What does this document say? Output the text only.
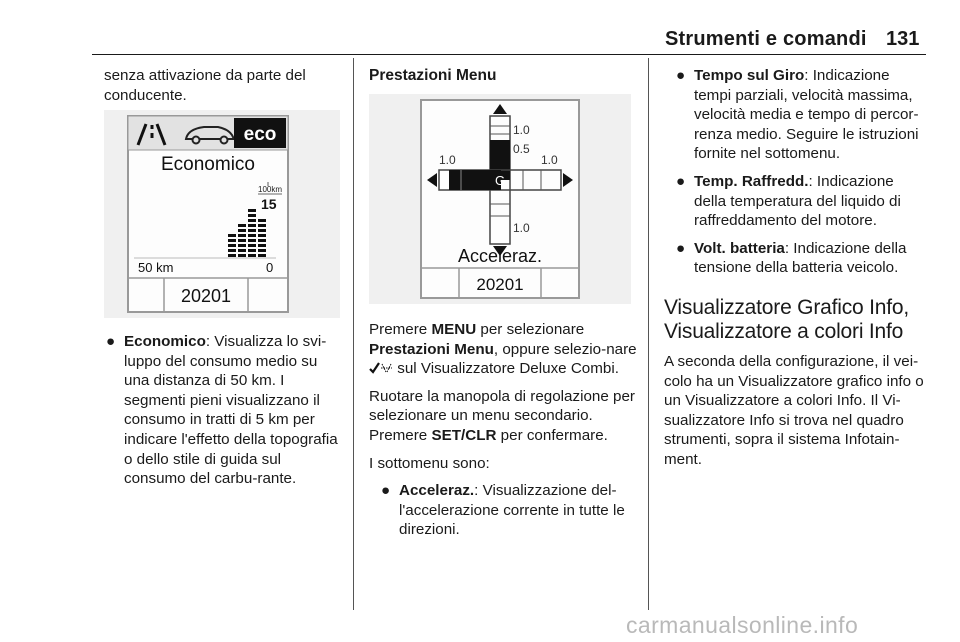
Strumenti e comandi 131

senza attivazione da parte del conducente.

eco
Economico
100km
15
50 km	0
20201
● Economico: Visualizza lo svi-luppo del consumo medio su una distanza di 50 km. I segmenti pieni visualizzano il consumo in tratti di 5 km per indicare l'effetto della topografia o dello stile di guida sul consumo del carbu-rante.
Prestazioni Menu
G
1.0
0.5
1.0	1.0
1.0
Acceleraz.
20201

Premere MENU per selezionare Prestazioni Menu, oppure selezio-nare  sul Visualizzatore Deluxe Combi.

Ruotare la manopola di regolazione per selezionare un menu secondario. Premere SET/CLR per confermare.

I sottomenu sono:

● Acceleraz.: Visualizzazione del-l'accelerazione corrente in tutte le direzioni.
● Tempo sul Giro: Indicazione tempi parziali, velocità massima, velocità media e tempo di percor-renza medio. Seguire le istruzioni fornite nel sottomenu.
● Temp. Raffredd.: Indicazione della temperatura del liquido di raffreddamento del motore.
● Volt. batteria: Indicazione della tensione della batteria veicolo.
Visualizzatore Grafico Info, Visualizzatore a colori Info

A seconda della configurazione, il vei-colo ha un Visualizzatore grafico info o un Visualizzatore a colori Info. Il Vi-sualizzatore Info si trova nel quadro strumenti, sopra il sistema Infotain-ment.

carmanualsonline.info
